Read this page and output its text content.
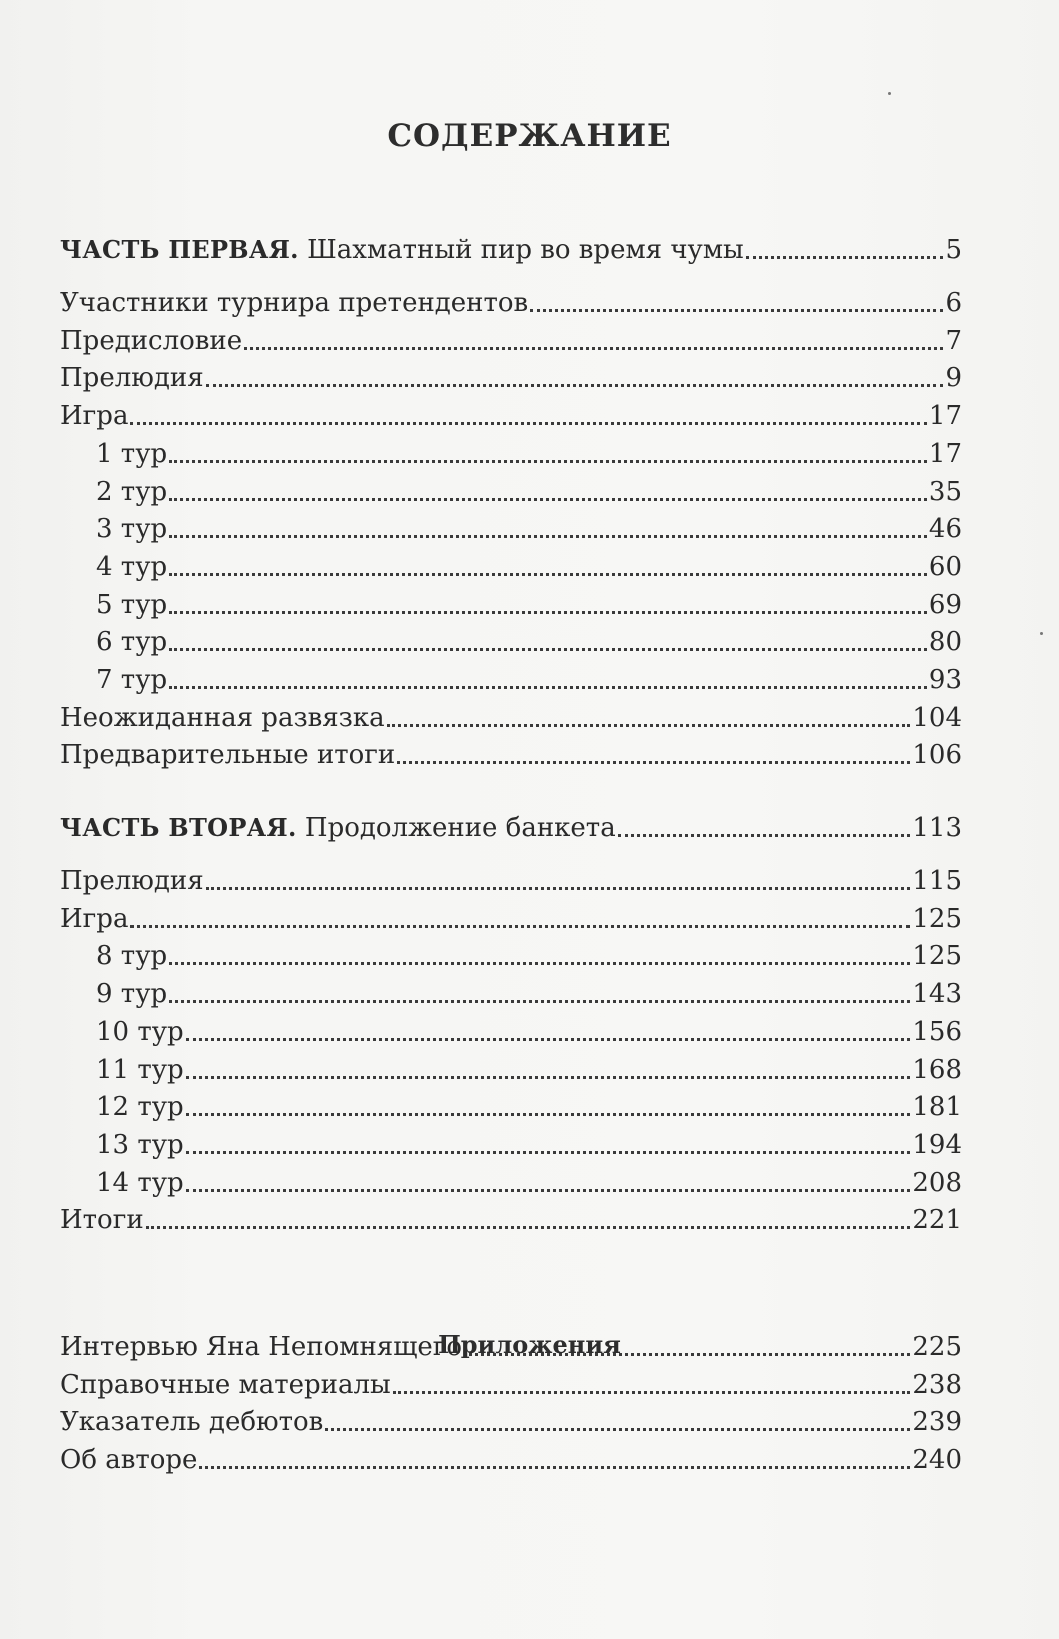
СОДЕРЖАНИЕ
ЧАСТЬ ПЕРВАЯ. Шахматный пир во время чумы	5
Участники турнира претендентов	6
Предисловие	7
Прелюдия	9
Игра	17
1 тур	17
2 тур	35
3 тур	46
4 тур	60
5 тур	69
6 тур	80
7 тур	93
Неожиданная развязка	104
Предварительные итоги	106
ЧАСТЬ ВТОРАЯ. Продолжение банкета	113
Прелюдия	115
Игра	125
8 тур	125
9 тур	143
10 тур	156
11 тур	168
12 тур	181
13 тур	194
14 тур	208
Итоги	221
Интервью Яна Непомнящего	225
Справочные материалы	238
Указатель дебютов	239
Об авторе	240
Приложения
